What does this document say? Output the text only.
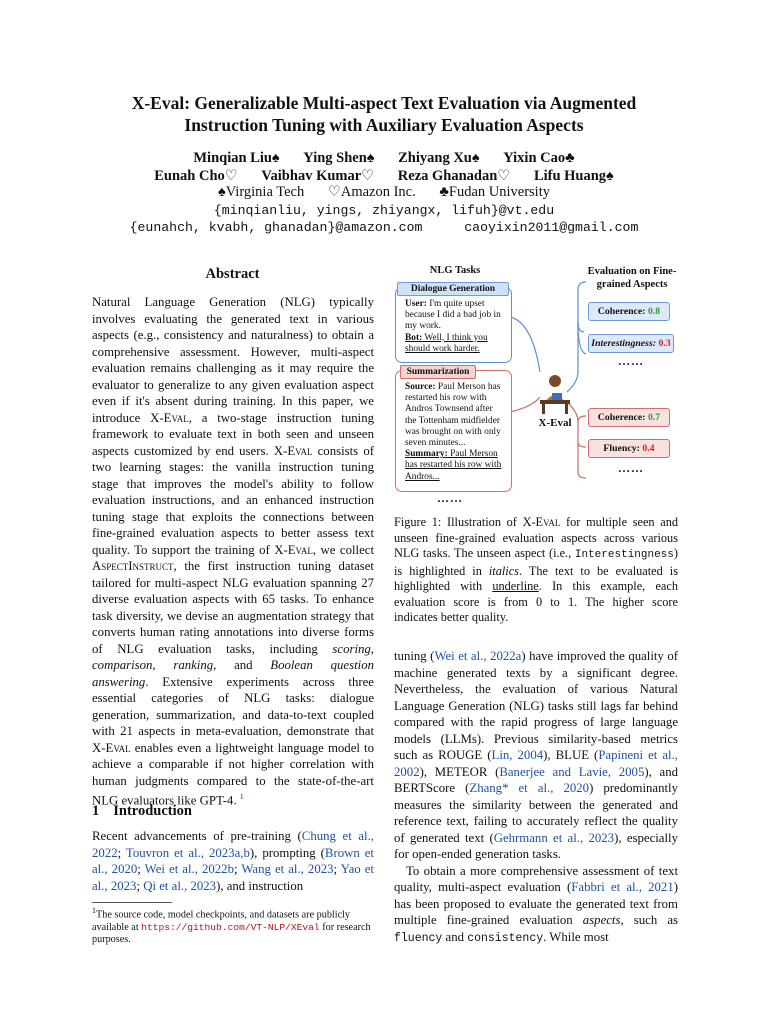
X-Eval: Generalizable Multi-aspect Text Evaluation via Augmented
Instruction Tuning with Auxiliary Evaluation Aspects
Minqian Liu♠ Ying Shen♠ Zhiyang Xu♠ Yixin Cao♣
Eunah Cho♡ Vaibhav Kumar♡ Reza Ghanadan♡ Lifu Huang♠
♠Virginia Tech ♡Amazon Inc. ♣Fudan University
{minqianliu, yings, zhiyangx, lifuh}@vt.edu
{eunahch, kvabh, ghanadan}@amazon.com	caoyixin2011@gmail.com
Abstract

Natural Language Generation (NLG) typically involves evaluating the generated text in various aspects (e.g., consistency and naturalness) to obtain a comprehensive assessment. However, multi-aspect evaluation remains challenging as it may require the evaluator to generalize to any given evaluation aspect even if it's absent during training. In this paper, we introduce X-Eval, a two-stage instruction tuning framework to evaluate text in both seen and unseen aspects customized by end users. X-Eval consists of two learning stages: the vanilla instruction tuning stage that improves the model's ability to follow evaluation instructions, and an enhanced instruction tuning stage that exploits the connections between fine-grained evaluation aspects to better assess text quality. To support the training of X-Eval, we collect AspectInstruct, the first instruction tuning dataset tailored for multi-aspect NLG evaluation spanning 27 diverse evaluation aspects with 65 tasks. To enhance task diversity, we devise an augmentation strategy that converts human rating annotations into diverse forms of NLG evaluation tasks, including scoring, comparison, ranking, and Boolean question answering. Extensive experiments across three essential categories of NLG tasks: dialogue generation, summarization, and data-to-text coupled with 21 aspects in meta-evaluation, demonstrate that X-Eval enables even a lightweight language model to achieve a comparable if not higher correlation with human judgments compared to the state-of-the-art NLG evaluators like GPT-4. $^1$

1 Introduction

Recent advancements of pre-training (Chung et al., 2022; Touvron et al., 2023a,b), prompting (Brown et al., 2020; Wei et al., 2022b; Wang et al., 2023; Yao et al., 2023; Qi et al., 2023), and instruction

$^1$The source code, model checkpoints, and datasets are publicly available at https://github.com/VT-NLP/XEval for research purposes.
NLG Tasks	Evaluation on Fine-grained Aspects
Dialogue Generation
User: I'm quite upset because I did a bad job in my work.
Bot: Well, I think you should work harder.
Summarization
Source: Paul Merson has restarted his row with Andros Townsend after the Tottenham midfielder was brought on with only seven minutes...
Summary: Paul Merson has restarted his row with Andros...
……
X-Eval
Coherence: 0.8
Interestingness: 0.3
……
Coherence: 0.7
Fluency: 0.4
……

Figure 1: Illustration of X-Eval for multiple seen and unseen fine-grained evaluation aspects across various NLG tasks. The unseen aspect (i.e., Interestingness) is highlighted in italics. The text to be evaluated is highlighted with underline. In this example, each evaluation score is from 0 to 1. The higher score indicates better quality.

tuning (Wei et al., 2022a) have improved the quality of machine generated texts by a significant degree. Nevertheless, the evaluation of various Natural Language Generation (NLG) tasks still lags far behind compared with the rapid progress of large language models (LLMs). Previous similarity-based metrics such as ROUGE (Lin, 2004), BLUE (Papineni et al., 2002), METEOR (Banerjee and Lavie, 2005), and BERTScore (Zhang* et al., 2020) predominantly measures the similarity between the generated and reference text, failing to accurately reflect the quality of generated text (Gehrmann et al., 2023), especially for open-ended generation tasks.

To obtain a more comprehensive assessment of text quality, multi-aspect evaluation (Fabbri et al., 2021) has been proposed to evaluate the generated text from multiple fine-grained evaluation aspects, such as fluency and consistency. While most
